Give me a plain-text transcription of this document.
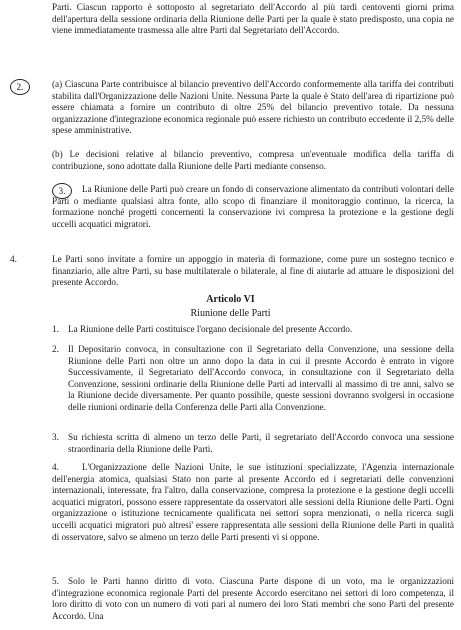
Parti. Ciascun rapporto è sottoposto al segretariato dell'Accordo al più tardi centoventi giorni prima dell'apertura della sessione ordinaria della Riunione delle Parti per la quale è stato predisposto, una copia ne viene immediatamente trasmessa alle altre Parti dal Segretariato dell'Accordo.

2.	(a) Ciascuna Parte contribuisce al bilancio preventivo dell'Accordo conformemente alla tariffa dei contributi stabilita dall'Organizzazione delle Nazioni Unite. Nessuna Parte la quale è Stato dell'area di ripartizione può essere chiamata a fornire un contributo di oltre 25% del bilancio preventivo totale. Da nessuna organizzazione d'integrazione economica regionale può essere richiesto un contributo eccedente il 2,5% delle spese amministrative.

(b) Le decisioni relative al bilancio preventivo, compresa un'eventuale modifica della tariffa di contribuzione, sono adottate dalla Riunione delle Parti mediante consenso.

3.	La Riunione delle Parti può creare un fondo di conservazione alimentato da contributi volontari delle Parti o mediante qualsiasi altra fonte, allo scopo di finanziare il monitoraggio continuo, la ricerca, la formazione nonché progetti concernenti la conservazione ivi compresa la protezione e la gestione degli uccelli acquatici migratori.

4.	Le Parti sono invitate a fornire un appoggio in materia di formazione, come pure un sostegno tecnico e finanziario, alle altre Parti, su base multilaterale o bilaterale, al fine di aiutarle ad attuare le disposizioni del presente Accordo.

Articolo VI
Riunione delle Parti
1. La Riunione delle Parti costituisce l'organo decisionale del presente Accordo.

2. Il Depositario convoca, in consultazione con il Segretariato della Convenzione, una sessione della Riunione delle Parti non oltre un anno dopo la data in cui il presnte Accordo è entrato in vigore Successivamente, il Segretariato dell'Accordo convoca, in consultazione con il Segretariato della Convenzione, sessioni ordinarie della Riunione delle Parti ad intervalli al massimo di tre anni, salvo se la Riunione decide diversamente. Per quanto possibile, queste sessioni dovranno svolgersi in occasione delle riunioni ordinarie della Conferenza delle Parti alla Convenzione.

3. Su richiesta scritta di almeno un terzo delle Parti, il segretariato dell'Accordo convoca una sessione straordinaria della Riunione delle Parti.

4.	L'Organizzazione delle Nazioni Unite, le sue istituzioni specializzate, l'Agenzia internazionale dell'energia atomica, qualsiasi Stato non parte al presente Accordo ed i segretariati delle convenzioni internazionali, interessate, fra l'altro, dalla conservazione, compresa la protezione e la gestione degli uccelli acquatici migratori, possono essere rappresentate da osservatori alle sessioni della Riunione delle Parti. Ogni organizzazione o istituzione tecnicamente qualificata nei settori sopra menzionati, o nella ricerca sugli uccelli acquatici migratori può altresi' essere rappresentata alle sessioni della Riunione delle Parti in qualità di osservatore, salvo se almeno un terzo delle Parti presenti vi si oppone.

5. Solo le Parti hanno diritto di voto. Ciascuna Parte dispone di un voto, ma le organizzazioni d'integrazione economica regionale Parti del presente Accordo esercitano nei settori di loro competenza, il loro diritto di voto con un numero di voti pari al numero dei loro Stati membri che sono Parti del presente Accordo. Una
